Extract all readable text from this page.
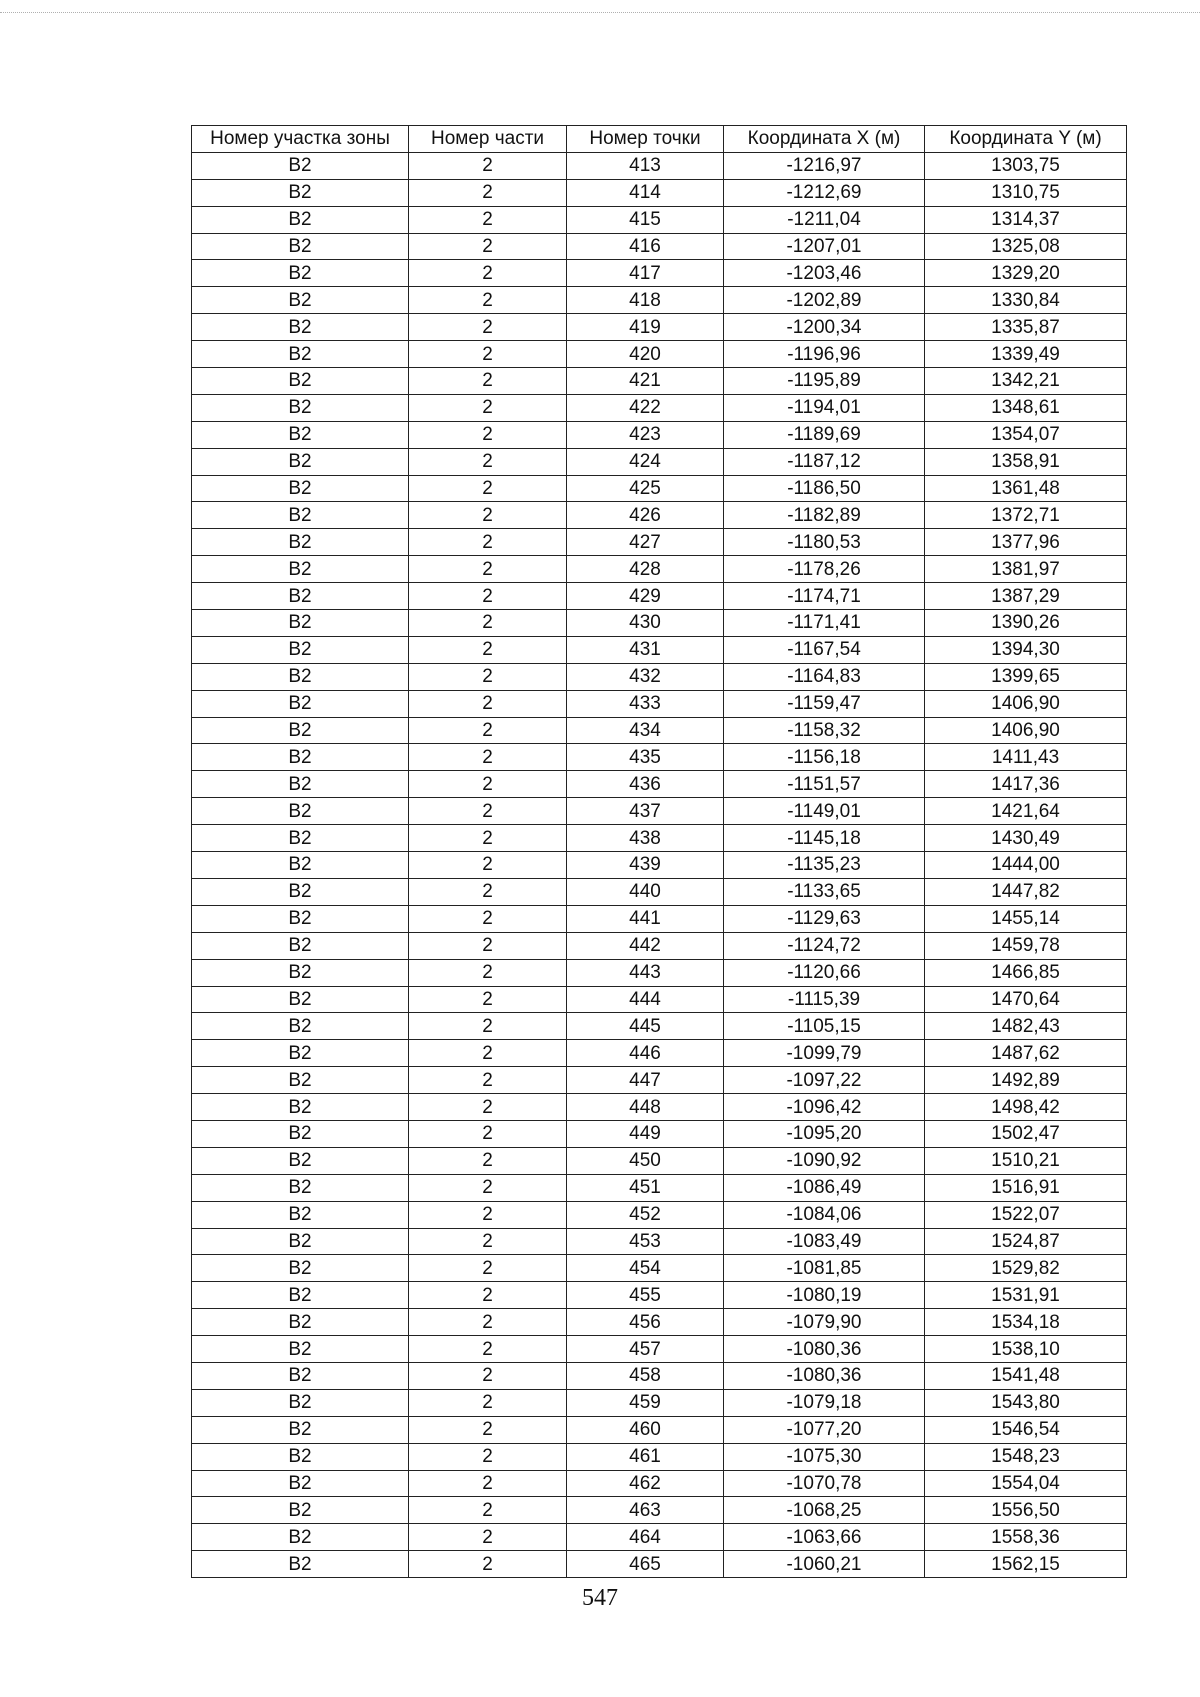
Номер участка зоны	Номер части	Номер точки	Координата X (м)	Координата Y (м)
В2	2	413	-1216,97	1303,75
В2	2	414	-1212,69	1310,75
В2	2	415	-1211,04	1314,37
В2	2	416	-1207,01	1325,08
В2	2	417	-1203,46	1329,20
В2	2	418	-1202,89	1330,84
В2	2	419	-1200,34	1335,87
В2	2	420	-1196,96	1339,49
В2	2	421	-1195,89	1342,21
В2	2	422	-1194,01	1348,61
В2	2	423	-1189,69	1354,07
В2	2	424	-1187,12	1358,91
В2	2	425	-1186,50	1361,48
В2	2	426	-1182,89	1372,71
В2	2	427	-1180,53	1377,96
В2	2	428	-1178,26	1381,97
В2	2	429	-1174,71	1387,29
В2	2	430	-1171,41	1390,26
В2	2	431	-1167,54	1394,30
В2	2	432	-1164,83	1399,65
В2	2	433	-1159,47	1406,90
В2	2	434	-1158,32	1406,90
В2	2	435	-1156,18	1411,43
В2	2	436	-1151,57	1417,36
В2	2	437	-1149,01	1421,64
В2	2	438	-1145,18	1430,49
В2	2	439	-1135,23	1444,00
В2	2	440	-1133,65	1447,82
В2	2	441	-1129,63	1455,14
В2	2	442	-1124,72	1459,78
В2	2	443	-1120,66	1466,85
В2	2	444	-1115,39	1470,64
В2	2	445	-1105,15	1482,43
В2	2	446	-1099,79	1487,62
В2	2	447	-1097,22	1492,89
В2	2	448	-1096,42	1498,42
В2	2	449	-1095,20	1502,47
В2	2	450	-1090,92	1510,21
В2	2	451	-1086,49	1516,91
В2	2	452	-1084,06	1522,07
В2	2	453	-1083,49	1524,87
В2	2	454	-1081,85	1529,82
В2	2	455	-1080,19	1531,91
В2	2	456	-1079,90	1534,18
В2	2	457	-1080,36	1538,10
В2	2	458	-1080,36	1541,48
В2	2	459	-1079,18	1543,80
В2	2	460	-1077,20	1546,54
В2	2	461	-1075,30	1548,23
В2	2	462	-1070,78	1554,04
В2	2	463	-1068,25	1556,50
В2	2	464	-1063,66	1558,36
В2	2	465	-1060,21	1562,15
547
